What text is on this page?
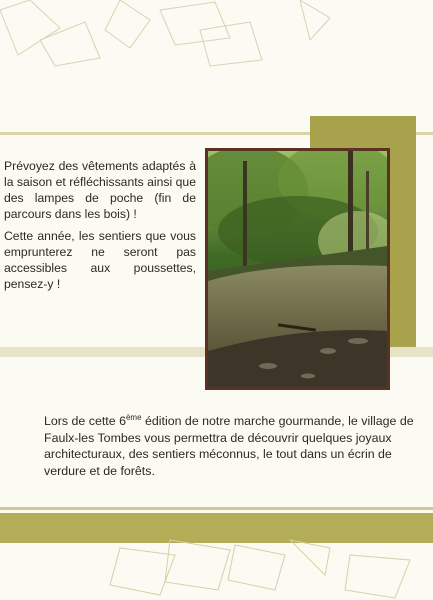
Prévoyez des vêtements adaptés à la saison et réfléchissants ainsi que des lampes de poche (fin de parcours dans les bois) !

Cette année, les sentiers que vous emprunterez ne seront pas accessibles aux poussettes, pensez-y !

Lors de cette 6ème édition de notre marche gourmande, le village de Faulx-les Tombes vous permettra de découvrir quelques joyaux architecturaux, des sentiers méconnus, le tout dans un écrin de verdure et de forêts.
